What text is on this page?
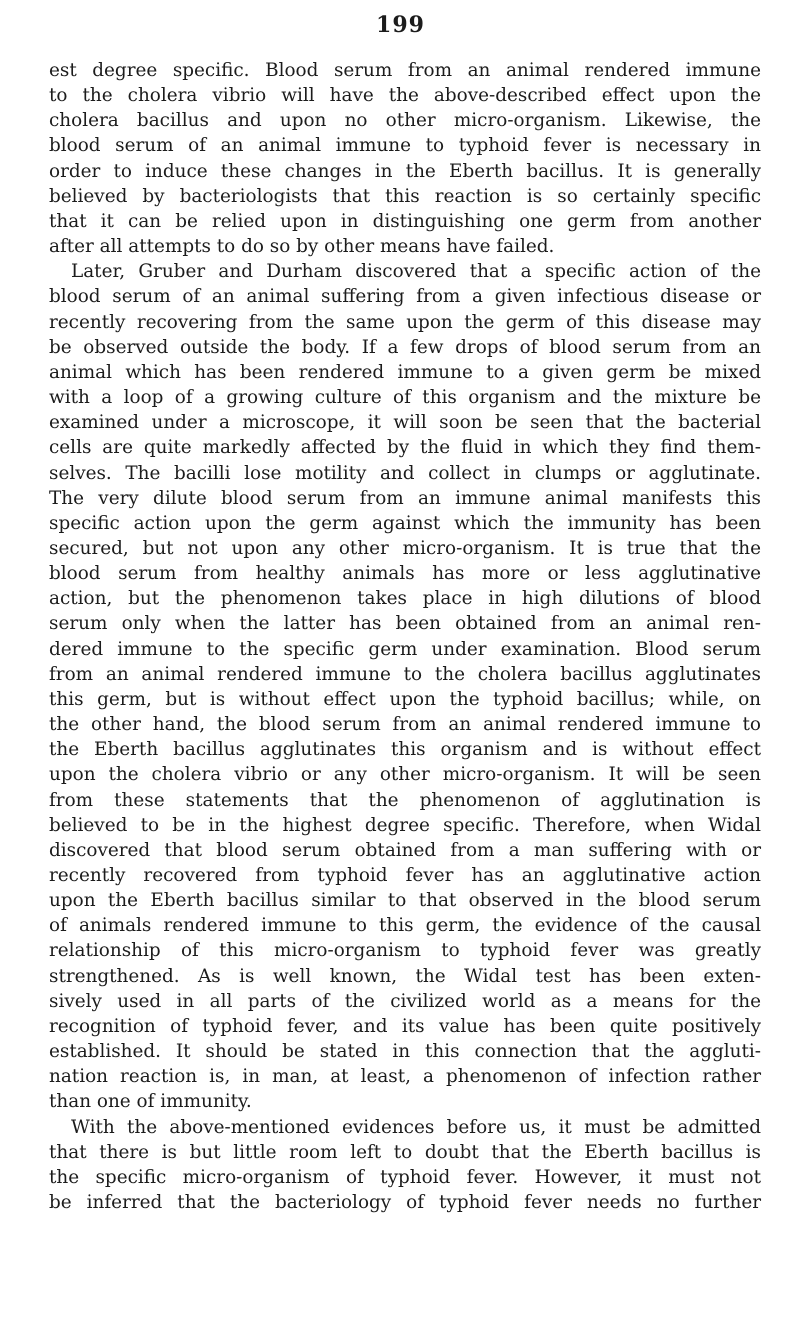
199
est degree specific. Blood serum from an animal rendered immune
to the cholera vibrio will have the above-described effect upon the
cholera bacillus and upon no other micro-organism. Likewise, the
blood serum of an animal immune to typhoid fever is necessary in
order to induce these changes in the Eberth bacillus. It is generally
believed by bacteriologists that this reaction is so certainly specific
that it can be relied upon in distinguishing one germ from another
after all attempts to do so by other means have failed.
Later, Gruber and Durham discovered that a specific action of the
blood serum of an animal suffering from a given infectious disease or
recently recovering from the same upon the germ of this disease may
be observed outside the body. If a few drops of blood serum from an
animal which has been rendered immune to a given germ be mixed
with a loop of a growing culture of this organism and the mixture be
examined under a microscope, it will soon be seen that the bacterial
cells are quite markedly affected by the fluid in which they find them-
selves. The bacilli lose motility and collect in clumps or agglutinate.
The very dilute blood serum from an immune animal manifests this
specific action upon the germ against which the immunity has been
secured, but not upon any other micro-organism. It is true that the
blood serum from healthy animals has more or less agglutinative
action, but the phenomenon takes place in high dilutions of blood
serum only when the latter has been obtained from an animal ren-
dered immune to the specific germ under examination. Blood serum
from an animal rendered immune to the cholera bacillus agglutinates
this germ, but is without effect upon the typhoid bacillus; while, on
the other hand, the blood serum from an animal rendered immune to
the Eberth bacillus agglutinates this organism and is without effect
upon the cholera vibrio or any other micro-organism. It will be seen
from these statements that the phenomenon of agglutination is
believed to be in the highest degree specific. Therefore, when Widal
discovered that blood serum obtained from a man suffering with or
recently recovered from typhoid fever has an agglutinative action
upon the Eberth bacillus similar to that observed in the blood serum
of animals rendered immune to this germ, the evidence of the causal
relationship of this micro-organism to typhoid fever was greatly
strengthened. As is well known, the Widal test has been exten-
sively used in all parts of the civilized world as a means for the
recognition of typhoid fever, and its value has been quite positively
established. It should be stated in this connection that the aggluti-
nation reaction is, in man, at least, a phenomenon of infection rather
than one of immunity.
With the above-mentioned evidences before us, it must be admitted
that there is but little room left to doubt that the Eberth bacillus is
the specific micro-organism of typhoid fever. However, it must not
be inferred that the bacteriology of typhoid fever needs no further
